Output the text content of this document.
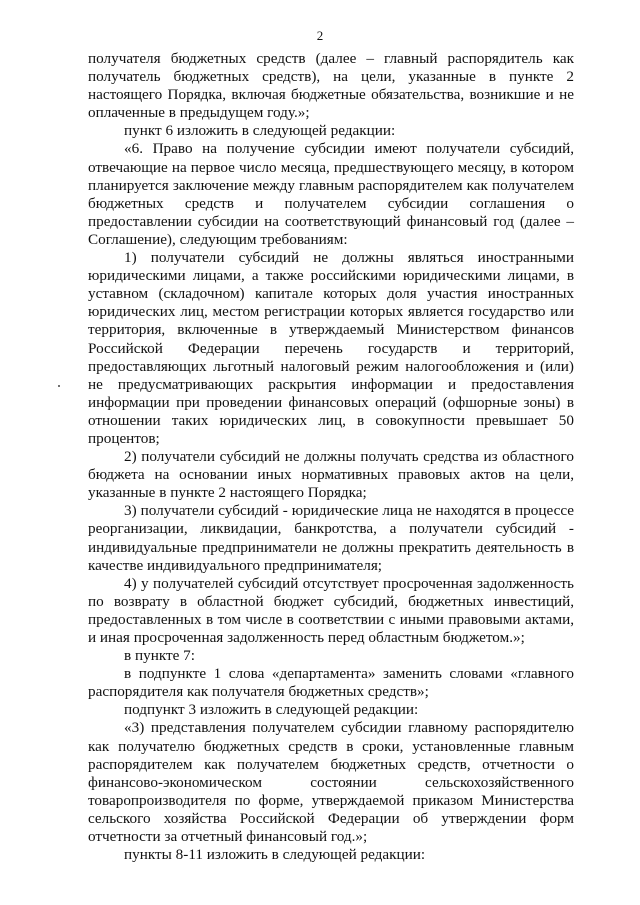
2

получателя бюджетных средств (далее – главный распорядитель как получатель бюджетных средств), на цели, указанные в пункте 2 настоящего Порядка, включая бюджетные обязательства, возникшие и не оплаченные в предыдущем году.»;

пункт 6 изложить в следующей редакции:

«6. Право на получение субсидии имеют получатели субсидий, отвечающие на первое число месяца, предшествующего месяцу, в котором планируется заключение между главным распорядителем как получателем бюджетных средств и получателем субсидии соглашения о предоставлении субсидии на соответствующий финансовый год (далее – Соглашение), следующим требованиям:

1) получатели субсидий не должны являться иностранными юридическими лицами, а также российскими юридическими лицами, в уставном (складочном) капитале которых доля участия иностранных юридических лиц, местом регистрации которых является государство или территория, включенные в утверждаемый Министерством финансов Российской Федерации перечень государств и территорий, предоставляющих льготный налоговый режим налогообложения и (или) не предусматривающих раскрытия информации и предоставления информации при проведении финансовых операций (офшорные зоны) в отношении таких юридических лиц, в совокупности превышает 50 процентов;

2) получатели субсидий не должны получать средства из областного бюджета на основании иных нормативных правовых актов на цели, указанные в пункте 2 настоящего Порядка;

3) получатели субсидий - юридические лица не находятся в процессе реорганизации, ликвидации, банкротства, а получатели субсидий - индивидуальные предприниматели не должны прекратить деятельность в качестве индивидуального предпринимателя;

4) у получателей субсидий отсутствует просроченная задолженность по возврату в областной бюджет субсидий, бюджетных инвестиций, предоставленных в том числе в соответствии с иными правовыми актами, и иная просроченная задолженность перед областным бюджетом.»;

в пункте 7:

в подпункте 1 слова «департамента» заменить словами «главного распорядителя как получателя бюджетных средств»;

подпункт 3 изложить в следующей редакции:

«3) представления получателем субсидии главному распорядителю как получателю бюджетных средств в сроки, установленные главным распорядителем как получателем бюджетных средств, отчетности о финансово-экономическом состоянии сельскохозяйственного товаропроизводителя по форме, утверждаемой приказом Министерства сельского хозяйства Российской Федерации об утверждении форм отчетности за отчетный финансовый год.»;

пункты 8-11 изложить в следующей редакции:
